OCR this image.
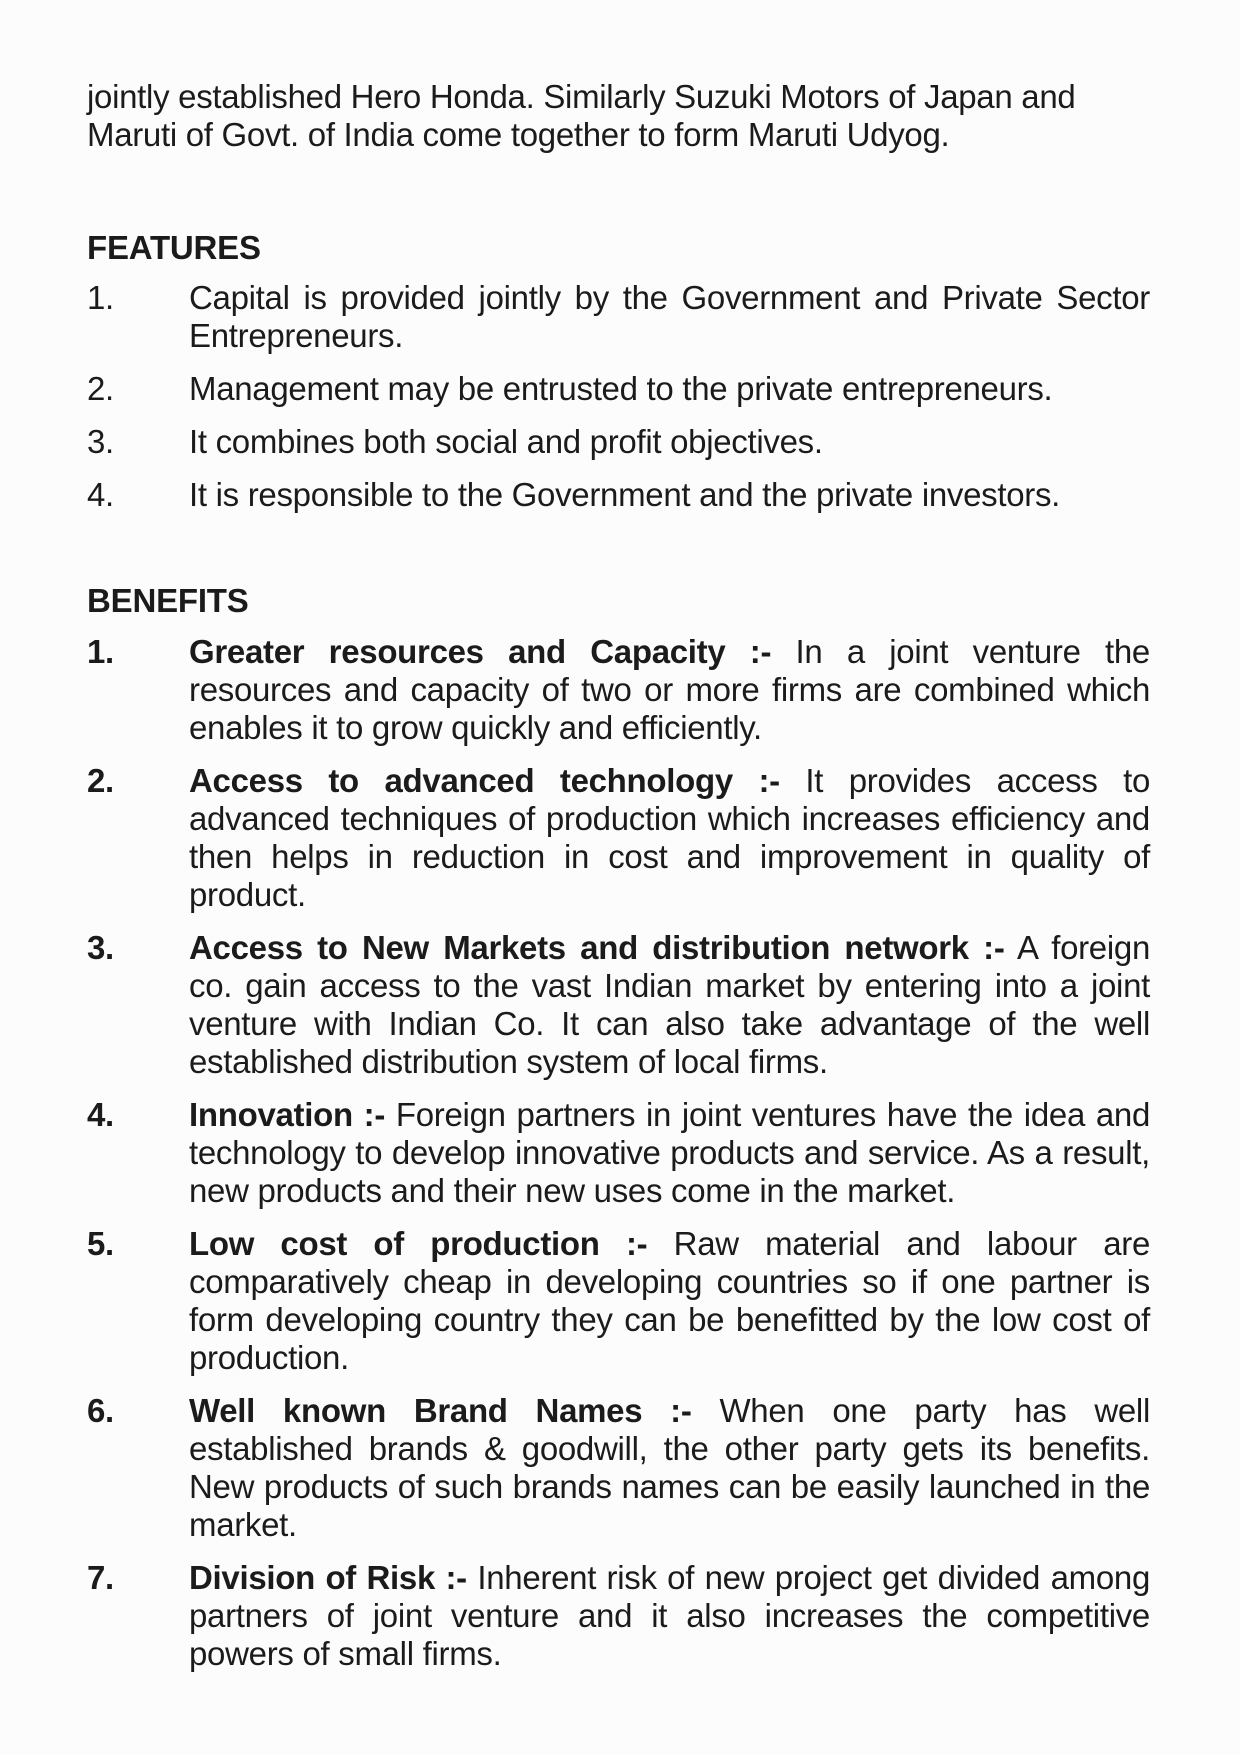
jointly established Hero Honda. Similarly Suzuki Motors of Japan and Maruti of Govt. of India come together to form Maruti Udyog.

FEATURES
1.	Capital is provided jointly by the Government and Private Sector Entrepreneurs.
2.	Management may be entrusted to the private entrepreneurs.
3.	It combines both social and profit objectives.
4.	It is responsible to the Government and the private investors.
BENEFITS
1.	Greater resources and Capacity :- In a joint venture the resources and capacity of two or more firms are combined which enables it to grow quickly and efficiently.
2.	Access to advanced technology :- It provides access to advanced techniques of production which increases efficiency and then helps in reduction in cost and improvement in quality of product.
3.	Access to New Markets and distribution network :- A foreign co. gain access to the vast Indian market by entering into a joint venture with Indian Co. It can also take advantage of the well established distribution system of local firms.
4.	Innovation :- Foreign partners in joint ventures have the idea and technology to develop innovative products and service. As a result, new products and their new uses come in the market.
5.	Low cost of production :- Raw material and labour are comparatively cheap in developing countries so if one partner is form developing country they can be benefitted by the low cost of production.
6.	Well known Brand Names :- When one party has well established brands & goodwill, the other party gets its benefits. New products of such brands names can be easily launched in the market.
7.	Division of Risk :- Inherent risk of new project get divided among partners of joint venture and it also increases the competitive powers of small firms.
